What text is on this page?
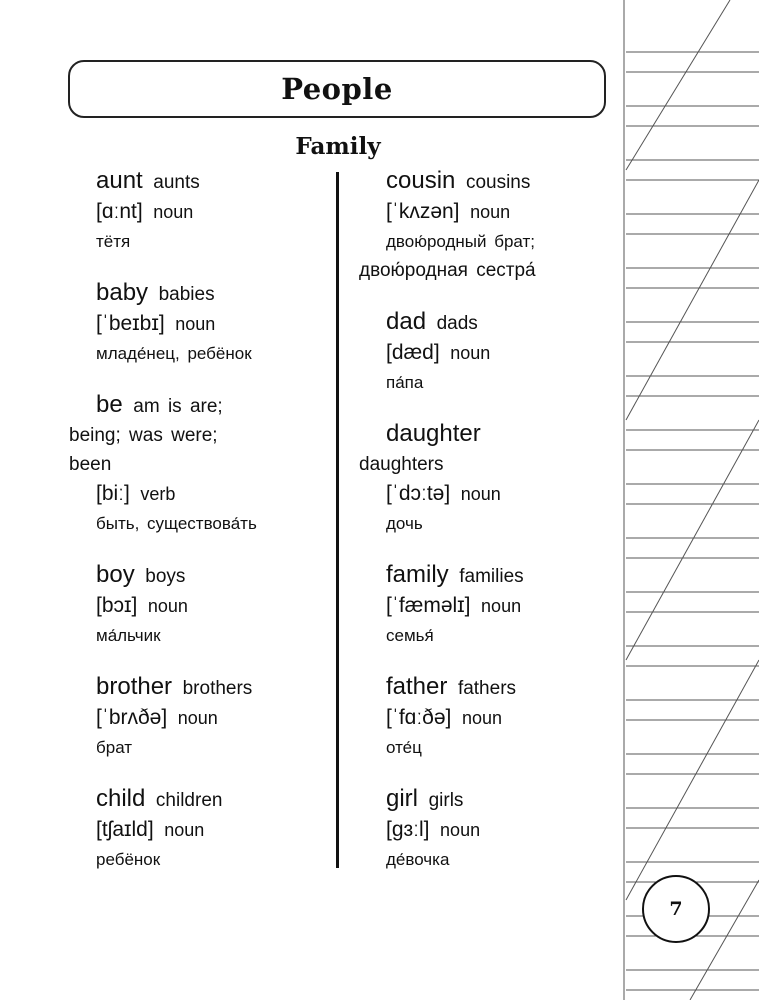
People
Family
aunt aunts
[ɑːnt] noun
тётя
baby babies
[ˈbeɪbɪ] noun
младе́нец, ребёнок
be am is are;
being; was were;
been
[biː] verb
быть, существова́ть
boy boys
[bɔɪ] noun
ма́льчик
brother brothers
[ˈbrʌðə] noun
брат
child children
[tʃaɪld] noun
ребёнок
cousin cousins
[ˈkʌzən] noun
двою́родный брат;
двою́родная сестра́
dad dads
[dæd] noun
па́па
daughter
daughters
[ˈdɔːtə] noun
дочь
family families
[ˈfæməlɪ] noun
семья́
father fathers
[ˈfɑːðə] noun
оте́ц
girl girls
[ɡɜːl] noun
де́вочка
7
